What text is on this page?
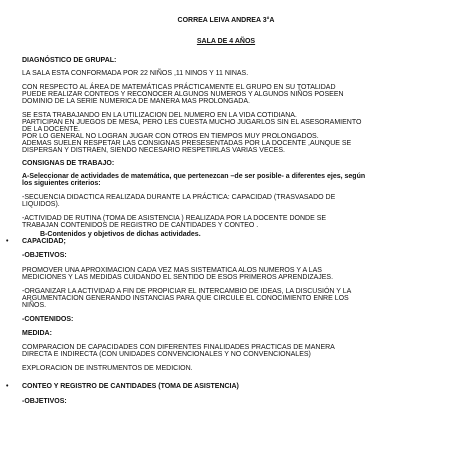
CORREA LEIVA ANDREA 3°A

SALA DE 4 AÑOS

DIAGNÓSTICO DE GRUPAL:

LA SALA ESTA CONFORMADA POR 22 NIÑOS ,11 NINOS Y 11 NINAS.

CON RESPECTO AL ÁREA DE MATEMÁTICAS PRÁCTICAMENTE EL GRUPO EN SU TOTALIDAD

PUEDE REALIZAR CONTEOS Y RECONOCER ALGUNOS NUMEROS Y ALGUNOS NIÑOS POSEEN

DOMINIO DE LA SERIE NUMERICA DE MANERA MAS PROLONGADA.

SE ESTA TRABAJANDO EN LA UTILIZACION DEL NUMERO EN LA VIDA COTIDIANA.

PARTICIPAN EN JUEGOS DE MESA, PERO LES CUESTA MUCHO JUGARLOS SIN EL ASESORAMIENTO

DE LA DOCENTE.

POR LO GENERAL NO LOGRAN JUGAR CON OTROS EN TIEMPOS MUY PROLONGADOS.

ADEMAS SUELEN RESPETAR LAS CONSIGNAS PRESESENTADAS POR LA DOCENTE ,AUNQUE SE

DISPERSAN Y DISTRAEN, SIENDO NECESARIO RESPETIRLAS VARIAS VECES.

CONSIGNAS DE TRABAJO:

A-Seleccionar de actividades de matemática, que pertenezcan –de ser posible- a diferentes ejes, según

los siguientes criterios:

-SECUENCIA DIDACTICA REALIZADA DURANTE LA PRÁCTICA: CAPACIDAD (TRASVASADO DE

LIQUIDOS).

-ACTIVIDAD DE RUTINA (TOMA DE ASISTENCIA ) REALIZADA POR LA DOCENTE DONDE SE

TRABAJAN CONTENIDOS DE REGISTRO DE CANTIDADES Y CONTEO .

B-Contenidos y objetivos de dichas actividades.

• CAPACIDAD;

-OBJETIVOS:

PROMOVER UNA APROXIMACION CADA VEZ MAS SISTEMATICA ALOS NUMEROS Y A LAS

MEDICIONES Y LAS MEDIDAS CUIDANDO EL SENTIDO DE ESOS PRIMEROS APRENDIZAJES.

-ORGANIZAR LA ACTIVIDAD A FIN DE PROPICIAR EL INTERCAMBIO DE IDEAS, LA DISCUSIÓN Y LA

ARGUMENTACION GENERANDO INSTANCIAS PARA QUE CIRCULE EL CONOCIMIENTO ENRE LOS

NIÑOS.

-CONTENIDOS:

MEDIDA:

COMPARACION DE CAPACIDADES CON DIFERENTES FINALIDADES PRACTICAS DE MANERA

DIRECTA E INDIRECTA (CON UNIDADES CONVENCIONALES Y NO CONVENCIONALES)

EXPLORACION DE INSTRUMENTOS DE MEDICION.

• CONTEO Y REGISTRO DE CANTIDADES (TOMA DE ASISTENCIA)

-OBJETIVOS:
